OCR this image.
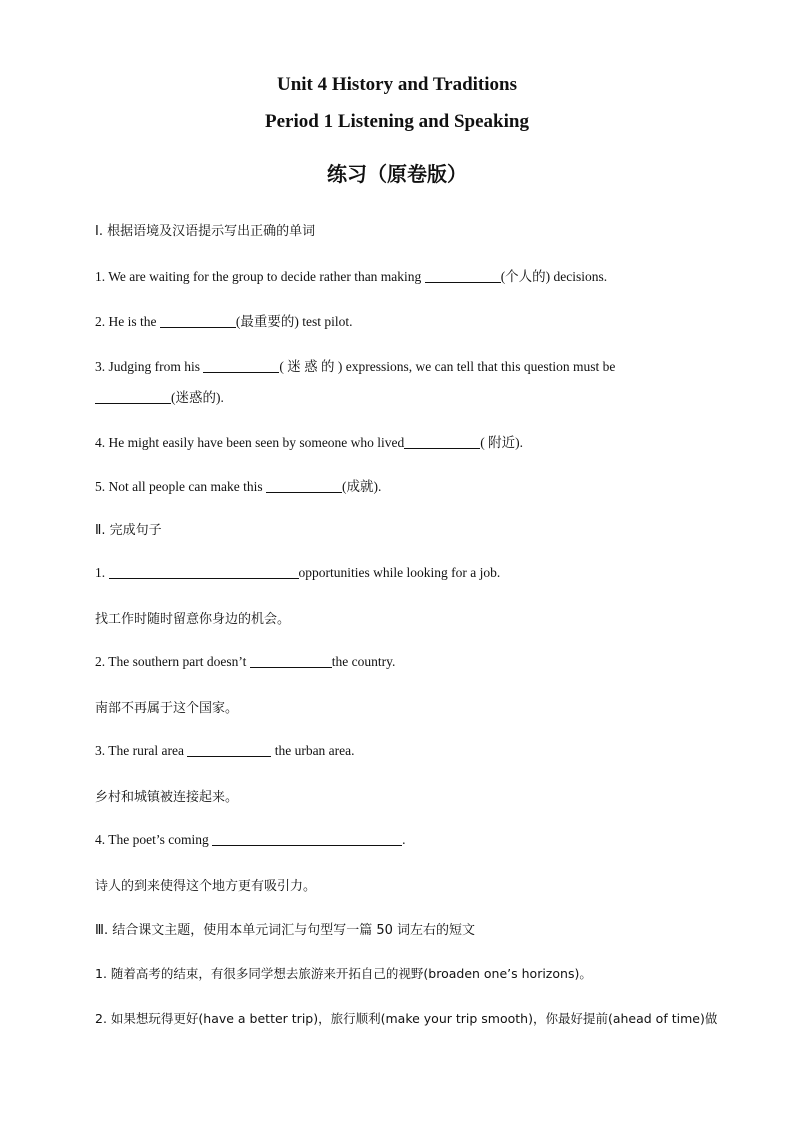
Unit 4 History and Traditions
Period 1 Listening and Speaking
练习（原卷版）
Ⅰ. 根据语境及汉语提示写出正确的单词
1. We are waiting for the group to decide rather than making	(个人的) decisions.
2. He is the	(最重要的) test pilot.
3. Judging from his	( 迷 惑 的 ) expressions, we can tell that this question must be
(迷惑的).
4. He might easily have been seen by someone who lived	( 附近).
5. Not all people can make this	(成就).
Ⅱ. 完成句子
1.	opportunities while looking for a job.
找工作时随时留意你身边的机会。
2. The southern part doesn’t	the country.
南部不再属于这个国家。
3. The rural area	the urban area.
乡村和城镇被连接起来。
4. The poet’s coming	.
诗人的到来使得这个地方更有吸引力。
Ⅲ. 结合课文主题，使用本单元词汇与句型写一篇 50 词左右的短文
1. 随着高考的结束，有很多同学想去旅游来开拓自己的视野(broaden one’s horizons)。
2. 如果想玩得更好(have a better trip)，旅行顺利(make your trip smooth)，你最好提前(ahead of time)做
